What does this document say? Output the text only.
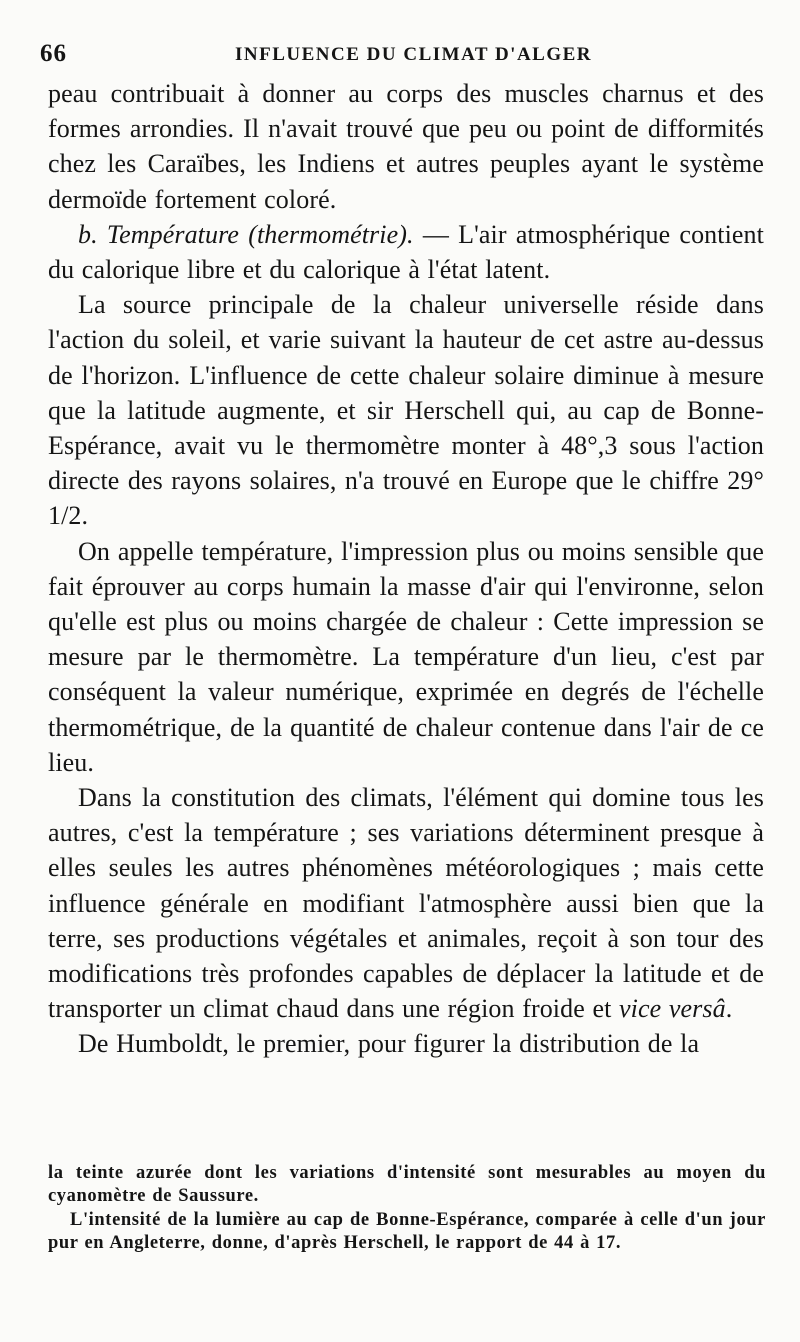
66	INFLUENCE DU CLIMAT D'ALGER

peau contribuait à donner au corps des muscles charnus et des formes arrondies. Il n'avait trouvé que peu ou point de difformités chez les Caraïbes, les Indiens et autres peuples ayant le système dermoïde fortement coloré.

b. Température (thermométrie). — L'air atmosphérique contient du calorique libre et du calorique à l'état latent.

La source principale de la chaleur universelle réside dans l'action du soleil, et varie suivant la hauteur de cet astre au-dessus de l'horizon. L'influence de cette chaleur solaire diminue à mesure que la latitude augmente, et sir Herschell qui, au cap de Bonne-Espérance, avait vu le thermomètre monter à 48°,3 sous l'action directe des rayons solaires, n'a trouvé en Europe que le chiffre 29° 1/2.

On appelle température, l'impression plus ou moins sensible que fait éprouver au corps humain la masse d'air qui l'environne, selon qu'elle est plus ou moins chargée de chaleur : Cette impression se mesure par le thermomètre. La température d'un lieu, c'est par conséquent la valeur numérique, exprimée en degrés de l'échelle thermométrique, de la quantité de chaleur contenue dans l'air de ce lieu.

Dans la constitution des climats, l'élément qui domine tous les autres, c'est la température ; ses variations déterminent presque à elles seules les autres phénomènes météorologiques ; mais cette influence générale en modifiant l'atmosphère aussi bien que la terre, ses productions végétales et animales, reçoit à son tour des modifications très profondes capables de déplacer la latitude et de transporter un climat chaud dans une région froide et vice versâ.

De Humboldt, le premier, pour figurer la distribution de la

la teinte azurée dont les variations d'intensité sont mesurables au moyen du cyanomètre de Saussure.

L'intensité de la lumière au cap de Bonne-Espérance, comparée à celle d'un jour pur en Angleterre, donne, d'après Herschell, le rapport de 44 à 17.
